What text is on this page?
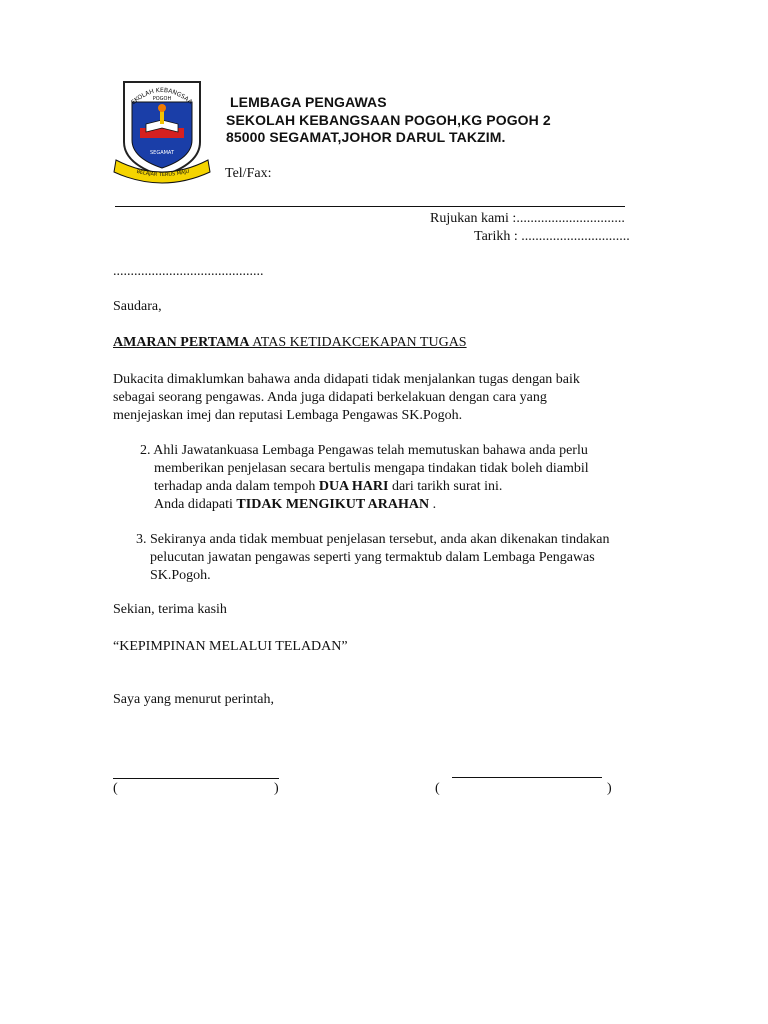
EKOLAH KEBANGSAA
POGOH
SEGAMAT
BELAJAR TERUS MAJU
LEMBAGA PENGAWAS
SEKOLAH KEBANGSAAN POGOH,KG POGOH 2
85000 SEGAMAT,JOHOR DARUL TAKZIM.
Tel/Fax:
Rujukan kami :...............................
Tarikh : ...............................
...........................................
Saudara,
AMARAN PERTAMA ATAS KETIDAKCEKAPAN TUGAS
Dukacita dimaklumkan bahawa anda didapati tidak menjalankan tugas dengan baik
sebagai seorang pengawas. Anda juga didapati berkelakuan dengan cara yang
menjejaskan imej dan reputasi Lembaga Pengawas SK.Pogoh.
2. Ahli Jawatankuasa Lembaga Pengawas telah memutuskan bahawa anda perlu
memberikan penjelasan secara bertulis mengapa tindakan tidak boleh diambil
terhadap anda dalam tempoh DUA HARI dari tarikh surat ini.
Anda didapati TIDAK MENGIKUT ARAHAN .
3. Sekiranya anda tidak membuat penjelasan tersebut, anda akan dikenakan tindakan
pelucutan jawatan pengawas seperti yang termaktub dalam Lembaga Pengawas
SK.Pogoh.
Sekian, terima kasih
“KEPIMPINAN MELALUI TELADAN”
Saya yang menurut perintah,
(	)	(	)
